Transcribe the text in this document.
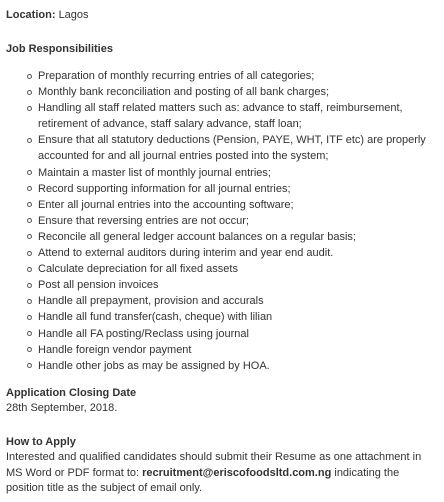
Location: Lagos
Job Responsibilities
Preparation of monthly recurring entries of all categories;
Monthly bank reconciliation and posting of all bank charges;
Handling all staff related matters such as: advance to staff, reimbursement, retirement of advance, staff salary advance, staff loan;
Ensure that all statutory deductions (Pension, PAYE, WHT, ITF etc) are properly accounted for and all journal entries posted into the system;
Maintain a master list of monthly journal entries;
Record supporting information for all journal entries;
Enter all journal entries into the accounting software;
Ensure that reversing entries are not occur;
Reconcile all general ledger account balances on a regular basis;
Attend to external auditors during interim and year end audit.
Calculate depreciation for all fixed assets
Post all pension invoices
Handle all prepayment, provision and accurals
Handle all fund transfer(cash, cheque) with lilian
Handle all FA posting/Reclass using journal
Handle foreign vendor payment
Handle other jobs as may be assigned by HOA.

Application Closing Date

28th September, 2018.

How to Apply

Interested and qualified candidates should submit their Resume as one attachment in MS Word or PDF format to: recruitment@eriscofoodsltd.com.ng indicating the position title as the subject of email only.
